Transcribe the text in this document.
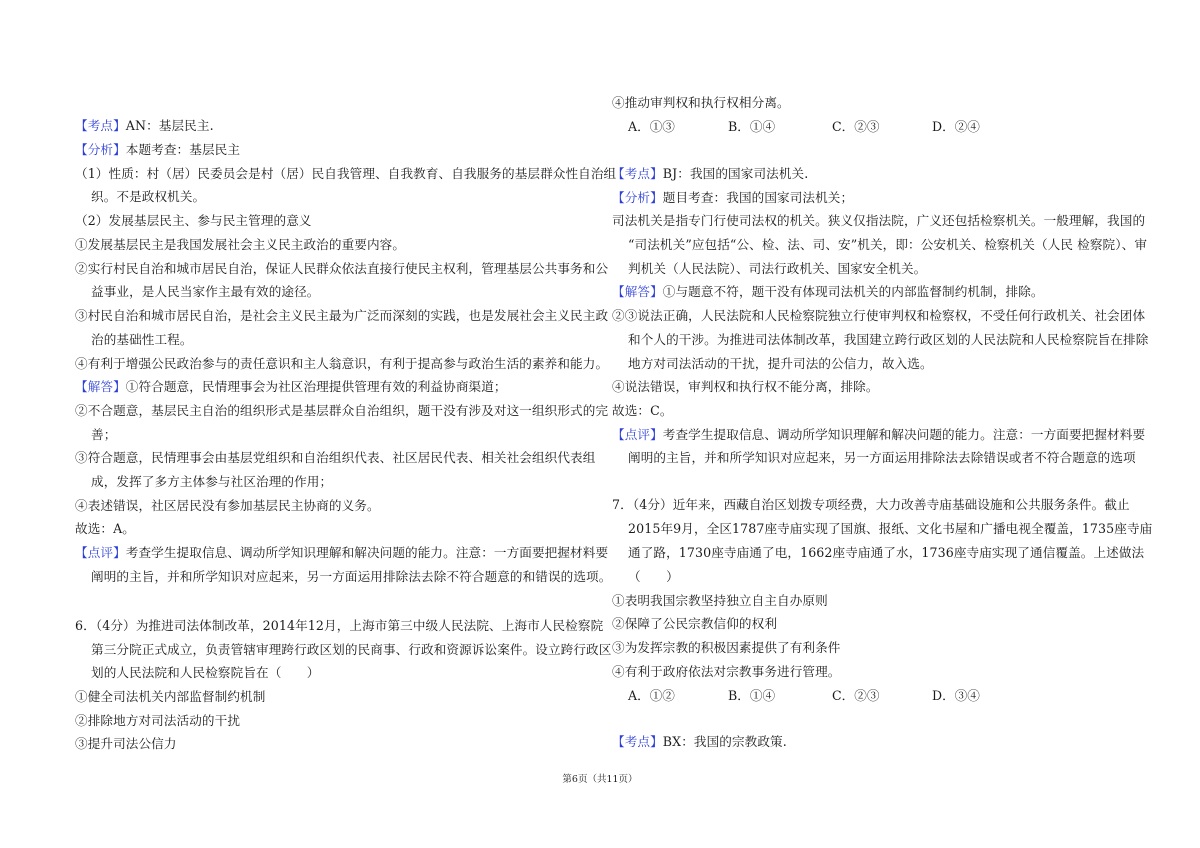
【考点】AN：基层民主.
【分析】本题考查：基层民主
（1）性质：村（居）民委员会是村（居）民自我管理、自我教育、自我服务的基层群众性自治组
织。不是政权机关。
（2）发展基层民主、参与民主管理的意义
①发展基层民主是我国发展社会主义民主政治的重要内容。
②实行村民自治和城市居民自治，保证人民群众依法直接行使民主权利，管理基层公共事务和公
益事业，是人民当家作主最有效的途径。
③村民自治和城市居民自治，是社会主义民主最为广泛而深刻的实践，也是发展社会主义民主政
治的基础性工程。
④有利于增强公民政治参与的责任意识和主人翁意识，有利于提高参与政治生活的素养和能力。
【解答】①符合题意，民情理事会为社区治理提供管理有效的利益协商渠道；
②不合题意，基层民主自治的组织形式是基层群众自治组织，题干没有涉及对这一组织形式的完
善；
③符合题意，民情理事会由基层党组织和自治组织代表、社区居民代表、相关社会组织代表组
成，发挥了多方主体参与社区治理的作用；
④表述错误，社区居民没有参加基层民主协商的义务。
故选：A。
【点评】考查学生提取信息、调动所学知识理解和解决问题的能力。注意：一方面要把握材料要
阐明的主旨，并和所学知识对应起来，另一方面运用排除法去除不符合题意的和错误的选项。
6．（4分）为推进司法体制改革，2014年12月，上海市第三中级人民法院、上海市人民检察院
第三分院正式成立，负责管辖审理跨行政区划的民商事、行政和资源诉讼案件。设立跨行政区
划的人民法院和人民检察院旨在（　　）
①健全司法机关内部监督制约机制
②排除地方对司法活动的干扰
③提升司法公信力
④推动审判权和执行权相分离。
A．①③	B．①④	C．②③	D．②④
【考点】BJ：我国的国家司法机关.
【分析】题目考查：我国的国家司法机关；
司法机关是指专门行使司法权的机关。狭义仅指法院，广义还包括检察机关。一般理解，我国的
“司法机关”应包括“公、检、法、司、安”机关，即：公安机关、检察机关（人民 检察院）、审
判机关（人民法院）、司法行政机关、国家安全机关。
【解答】①与题意不符，题干没有体现司法机关的内部监督制约机制，排除。
②③说法正确，人民法院和人民检察院独立行使审判权和检察权，不受任何行政机关、社会团体
和个人的干涉。为推进司法体制改革，我国建立跨行政区划的人民法院和人民检察院旨在排除
地方对司法活动的干扰，提升司法的公信力，故入选。
④说法错误，审判权和执行权不能分离，排除。
故选：C。
【点评】考查学生提取信息、调动所学知识理解和解决问题的能力。注意：一方面要把握材料要
阐明的主旨，并和所学知识对应起来，另一方面运用排除法去除错误或者不符合题意的选项
7．（4分）近年来，西藏自治区划拨专项经费，大力改善寺庙基础设施和公共服务条件。截止
2015年9月，全区1787座寺庙实现了国旗、报纸、文化书屋和广播电视全覆盖，1735座寺庙
通了路，1730座寺庙通了电，1662座寺庙通了水，1736座寺庙实现了通信覆盖。上述做法
（　　）
①表明我国宗教坚持独立自主自办原则
②保障了公民宗教信仰的权利
③为发挥宗教的积极因素提供了有利条件
④有利于政府依法对宗教事务进行管理。
A．①②	B．①④	C．②③	D．③④
【考点】BX：我国的宗教政策.
第6页（共11页）
